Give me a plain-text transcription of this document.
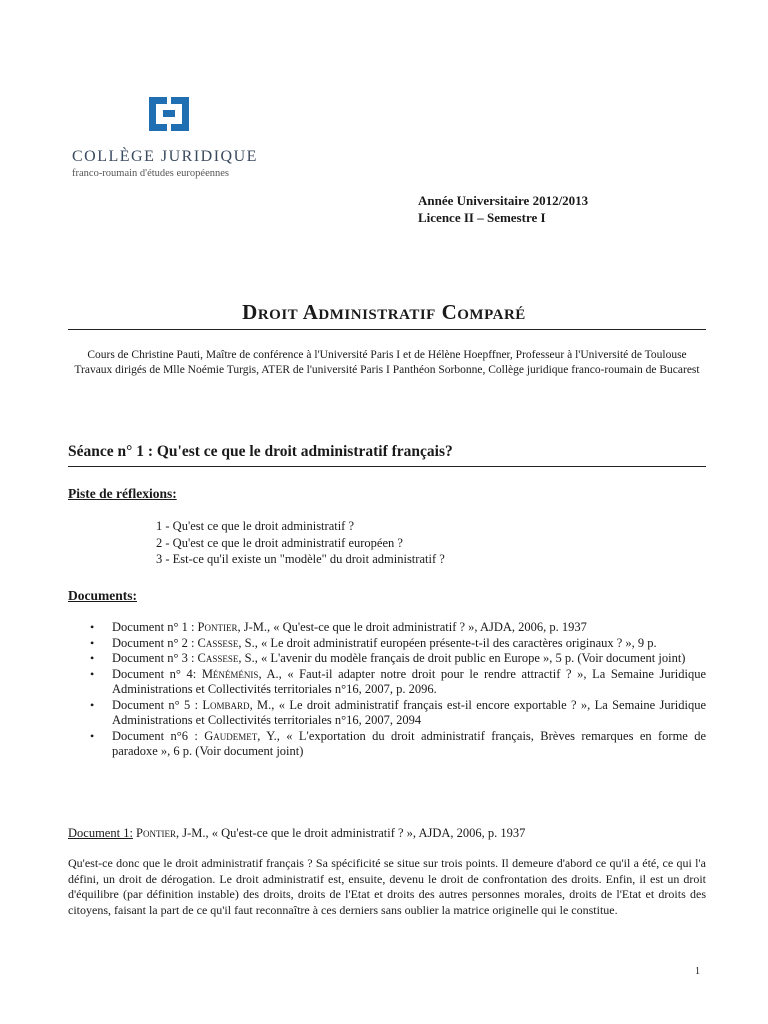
COLLÈGE JURIDIQUE
franco-roumain d'études européennes
Année Universitaire 2012/2013
Licence II – Semestre I
Droit Administratif Comparé

Cours de Christine Pauti, Maître de conférence à l'Université Paris I et de Hélène Hoepffner, Professeur à l'Université de Toulouse

Travaux dirigés de Mlle Noémie Turgis, ATER de l'université Paris I Panthéon Sorbonne, Collège juridique franco-roumain de Bucarest

Séance n° 1 : Qu'est ce que le droit administratif français?
Piste de réflexions:
1 - Qu'est ce que le droit administratif ?
2 - Qu'est ce que le droit administratif européen ?
3 - Est-ce qu'il existe un "modèle" du droit administratif ?
Documents:
• Document n° 1 : Pontier, J-M., « Qu'est-ce que le droit administratif ? », AJDA, 2006, p. 1937
• Document n° 2 : Cassese, S., « Le droit administratif européen présente-t-il des caractères originaux ? », 9 p.
• Document n° 3 : Cassese, S., « L'avenir du modèle français de droit public en Europe », 5 p. (Voir document joint)
• Document n° 4: Ménéménis, A., « Faut-il adapter notre droit pour le rendre attractif ? », La Semaine Juridique Administrations et Collectivités territoriales n°16, 2007, p. 2096.
• Document n° 5 : Lombard, M., « Le droit administratif français est-il encore exportable ? », La Semaine Juridique Administrations et Collectivités territoriales n°16, 2007, 2094
• Document n°6 : Gaudemet, Y., « L'exportation du droit administratif français, Brèves remarques en forme de paradoxe », 6 p. (Voir document joint)
Document 1: Pontier, J-M., « Qu'est-ce que le droit administratif ? », AJDA, 2006, p. 1937

Qu'est-ce donc que le droit administratif français ? Sa spécificité se situe sur trois points. Il demeure d'abord ce qu'il a été, ce qui l'a défini, un droit de dérogation. Le droit administratif est, ensuite, devenu le droit de confrontation des droits. Enfin, il est un droit d'équilibre (par définition instable) des droits, droits de l'Etat et droits des autres personnes morales, droits de l'Etat et droits des citoyens, faisant la part de ce qu'il faut reconnaître à ces derniers sans oublier la matrice originelle qui le constitue.

1
